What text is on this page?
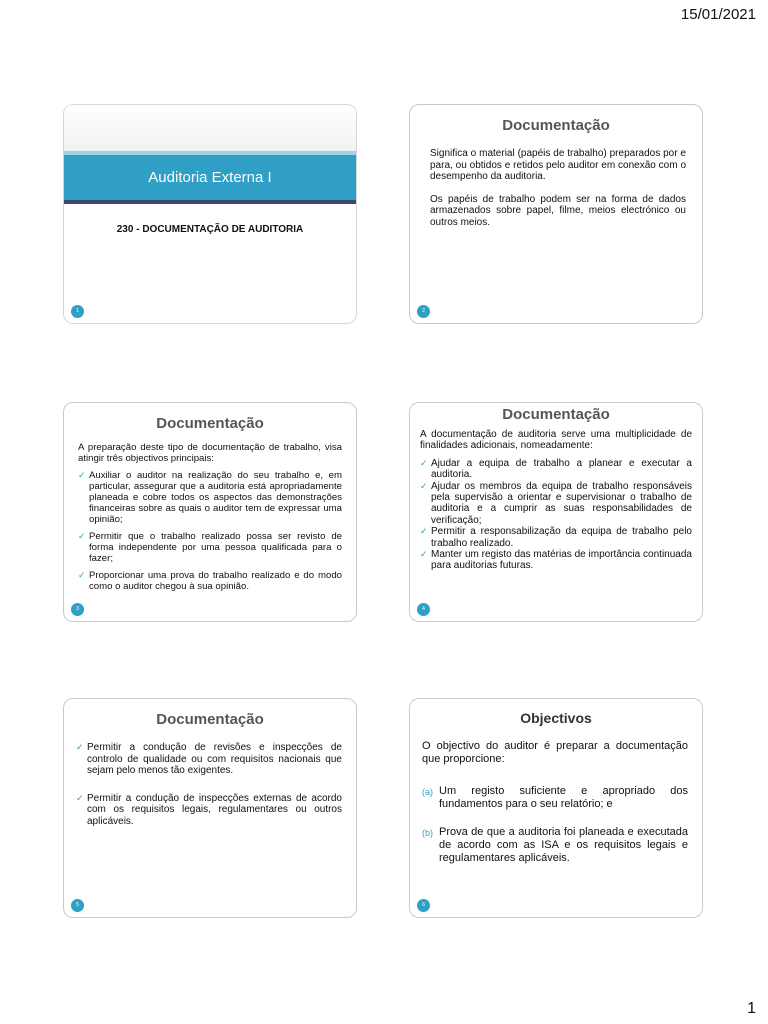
15/01/2021
Auditoria Externa I
230 - DOCUMENTAÇÃO DE AUDITORIA
1
Documentação

Significa o material (papéis de trabalho) preparados por e para, ou obtidos e retidos pelo auditor em conexão com o desempenho da auditoria.

Os papéis de trabalho podem ser na forma de dados armazenados sobre papel, filme, meios electrónico ou outros meios.

2
Documentação

A preparação deste tipo de documentação de trabalho, visa atingir três objectivos principais:

✓ Auxiliar o auditor na realização do seu trabalho e, em particular, assegurar que a auditoria está apropriadamente planeada e cobre todos os aspectos das demonstrações financeiras sobre as quais o auditor tem de expressar uma opinião;
✓ Permitir que o trabalho realizado possa ser revisto de forma independente por uma pessoa qualificada para o fazer;
✓ Proporcionar uma prova do trabalho realizado e do modo como o auditor chegou à sua opinião.
3
Documentação

A documentação de auditoria serve uma multiplicidade de finalidades adicionais, nomeadamente:

✓ Ajudar a equipa de trabalho a planear e executar a auditoria.
✓ Ajudar os membros da equipa de trabalho responsáveis pela supervisão a orientar e supervisionar o trabalho de auditoria e a cumprir as suas responsabilidades de verificação;
✓ Permitir a responsabilização da equipa de trabalho pelo trabalho realizado.
✓ Manter um registo das matérias de importância continuada para auditorias futuras.
4
Documentação
✓ Permitir a condução de revisões e inspecções de controlo de qualidade ou com requisitos nacionais que sejam pelo menos tão exigentes.
✓ Permitir a condução de inspecções externas de acordo com os requisitos legais, regulamentares ou outros aplicáveis.
5
Objectivos

O objectivo do auditor é preparar a documentação que proporcione:

(a) Um registo suficiente e apropriado dos fundamentos para o seu relatório; e
(b) Prova de que a auditoria foi planeada e executada de acordo com as ISA e os requisitos legais e regulamentares aplicáveis.
6
1
